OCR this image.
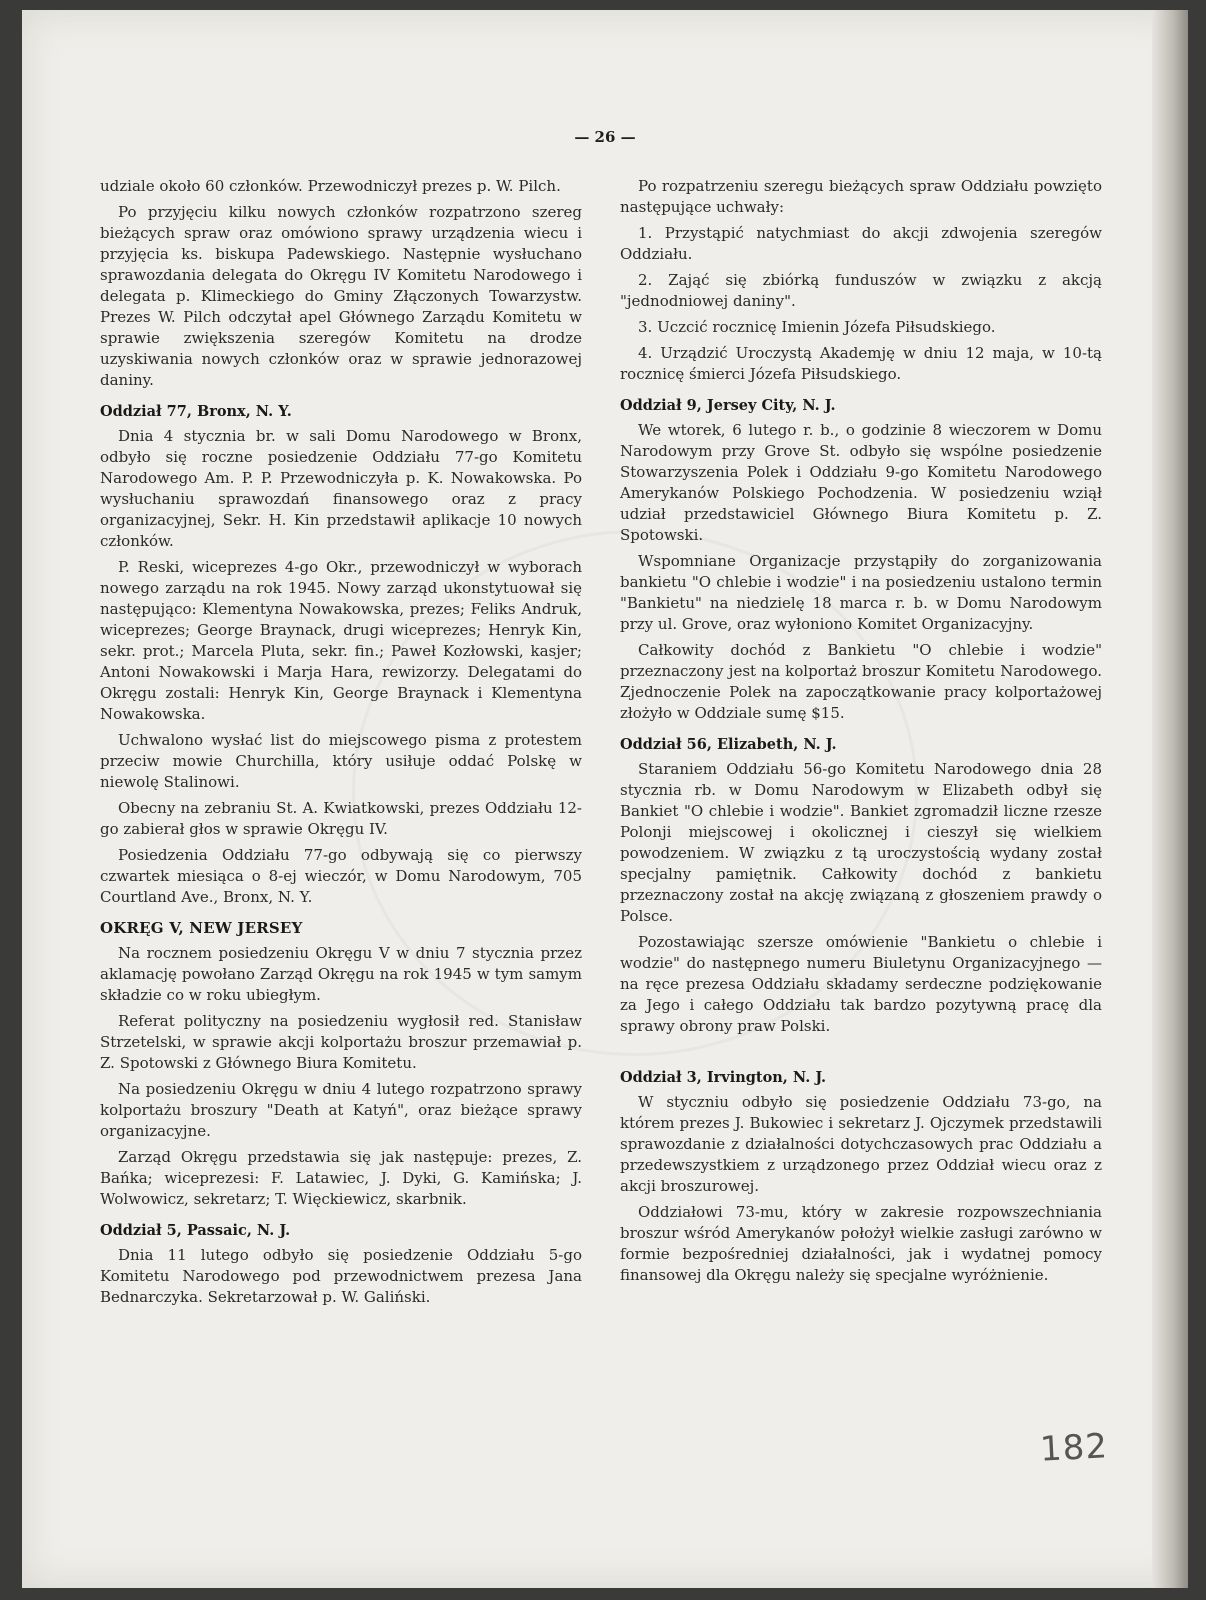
— 26 —

udziale około 60 członków. Przewodniczył prezes p. W. Pilch.

Po przyjęciu kilku nowych członków rozpatrzono szereg bieżących spraw oraz omówiono sprawy urządzenia wiecu i przyjęcia ks. biskupa Padewskiego. Następnie wysłuchano sprawozdania delegata do Okręgu IV Komitetu Narodowego i delegata p. Klimeckiego do Gminy Złączonych Towarzystw. Prezes W. Pilch odczytał apel Głównego Zarządu Komitetu w sprawie zwiększenia szeregów Komitetu na drodze uzyskiwania nowych członków oraz w sprawie jednorazowej daniny.

Oddział 77, Bronx, N. Y.

Dnia 4 stycznia br. w sali Domu Narodowego w Bronx, odbyło się roczne posiedzenie Oddziału 77-go Komitetu Narodowego Am. P. P. Przewodniczyła p. K. Nowakowska. Po wysłuchaniu sprawozdań finansowego oraz z pracy organizacyjnej, Sekr. H. Kin przedstawił aplikacje 10 nowych członków.

P. Reski, wiceprezes 4-go Okr., przewodniczył w wyborach nowego zarządu na rok 1945. Nowy zarząd ukonstytuował się następująco: Klementyna Nowakowska, prezes; Feliks Andruk, wiceprezes; George Braynack, drugi wiceprezes; Henryk Kin, sekr. prot.; Marcela Pluta, sekr. fin.; Paweł Kozłowski, kasjer; Antoni Nowakowski i Marja Hara, rewizorzy. Delegatami do Okręgu zostali: Henryk Kin, George Braynack i Klementyna Nowakowska.

Uchwalono wysłać list do miejscowego pisma z protestem przeciw mowie Churchilla, który usiłuje oddać Polskę w niewolę Stalinowi.

Obecny na zebraniu St. A. Kwiatkowski, prezes Oddziału 12-go zabierał głos w sprawie Okręgu IV.

Posiedzenia Oddziału 77-go odbywają się co pierwszy czwartek miesiąca o 8-ej wieczór, w Domu Narodowym, 705 Courtland Ave., Bronx, N. Y.

OKRĘG V, NEW JERSEY

Na rocznem posiedzeniu Okręgu V w dniu 7 stycznia przez aklamację powołano Zarząd Okręgu na rok 1945 w tym samym składzie co w roku ubiegłym.

Referat polityczny na posiedzeniu wygłosił red. Stanisław Strzetelski, w sprawie akcji kolportażu broszur przemawiał p. Z. Spotowski z Głównego Biura Komitetu.

Na posiedzeniu Okręgu w dniu 4 lutego rozpatrzono sprawy kolportażu broszury "Death at Katyń", oraz bieżące sprawy organizacyjne.

Zarząd Okręgu przedstawia się jak następuje: prezes, Z. Bańka; wiceprezesi: F. Latawiec, J. Dyki, G. Kamińska; J. Wolwowicz, sekretarz; T. Więckiewicz, skarbnik.

Oddział 5, Passaic, N. J.

Dnia 11 lutego odbyło się posiedzenie Oddziału 5-go Komitetu Narodowego pod przewodnictwem prezesa Jana Bednarczyka. Sekretarzował p. W. Galiński.

Po rozpatrzeniu szeregu bieżących spraw Oddziału powzięto następujące uchwały:

1. Przystąpić natychmiast do akcji zdwojenia szeregów Oddziału.

2. Zająć się zbiórką funduszów w związku z akcją "jednodniowej daniny".

3. Uczcić rocznicę Imienin Józefa Piłsudskiego.

4. Urządzić Uroczystą Akademję w dniu 12 maja, w 10-tą rocznicę śmierci Józefa Piłsudskiego.

Oddział 9, Jersey City, N. J.

We wtorek, 6 lutego r. b., o godzinie 8 wieczorem w Domu Narodowym przy Grove St. odbyło się wspólne posiedzenie Stowarzyszenia Polek i Oddziału 9-go Komitetu Narodowego Amerykanów Polskiego Pochodzenia. W posiedzeniu wziął udział przedstawiciel Głównego Biura Komitetu p. Z. Spotowski.

Wspomniane Organizacje przystąpiły do zorganizowania bankietu "O chlebie i wodzie" i na posiedzeniu ustalono termin "Bankietu" na niedzielę 18 marca r. b. w Domu Narodowym przy ul. Grove, oraz wyłoniono Komitet Organizacyjny.

Całkowity dochód z Bankietu "O chlebie i wodzie" przeznaczony jest na kolportaż broszur Komitetu Narodowego. Zjednoczenie Polek na zapoczątkowanie pracy kolportażowej złożyło w Oddziale sumę $15.

Oddział 56, Elizabeth, N. J.

Staraniem Oddziału 56-go Komitetu Narodowego dnia 28 stycznia rb. w Domu Narodowym w Elizabeth odbył się Bankiet "O chlebie i wodzie". Bankiet zgromadził liczne rzesze Polonji miejscowej i okolicznej i cieszył się wielkiem powodzeniem. W związku z tą uroczystością wydany został specjalny pamiętnik. Całkowity dochód z bankietu przeznaczony został na akcję związaną z głoszeniem prawdy o Polsce.

Pozostawiając szersze omówienie "Bankietu o chlebie i wodzie" do następnego numeru Biuletynu Organizacyjnego — na ręce prezesa Oddziału składamy serdeczne podziękowanie za Jego i całego Oddziału tak bardzo pozytywną pracę dla sprawy obrony praw Polski.

Oddział 3, Irvington, N. J.

W styczniu odbyło się posiedzenie Oddziału 73-go, na którem prezes J. Bukowiec i sekretarz J. Ojczymek przedstawili sprawozdanie z działalności dotychczasowych prac Oddziału a przedewszystkiem z urządzonego przez Oddział wiecu oraz z akcji broszurowej.

Oddziałowi 73-mu, który w zakresie rozpowszechniania broszur wśród Amerykanów położył wielkie zasługi zarówno w formie bezpośredniej działalności, jak i wydatnej pomocy finansowej dla Okręgu należy się specjalne wyróżnienie.

182
